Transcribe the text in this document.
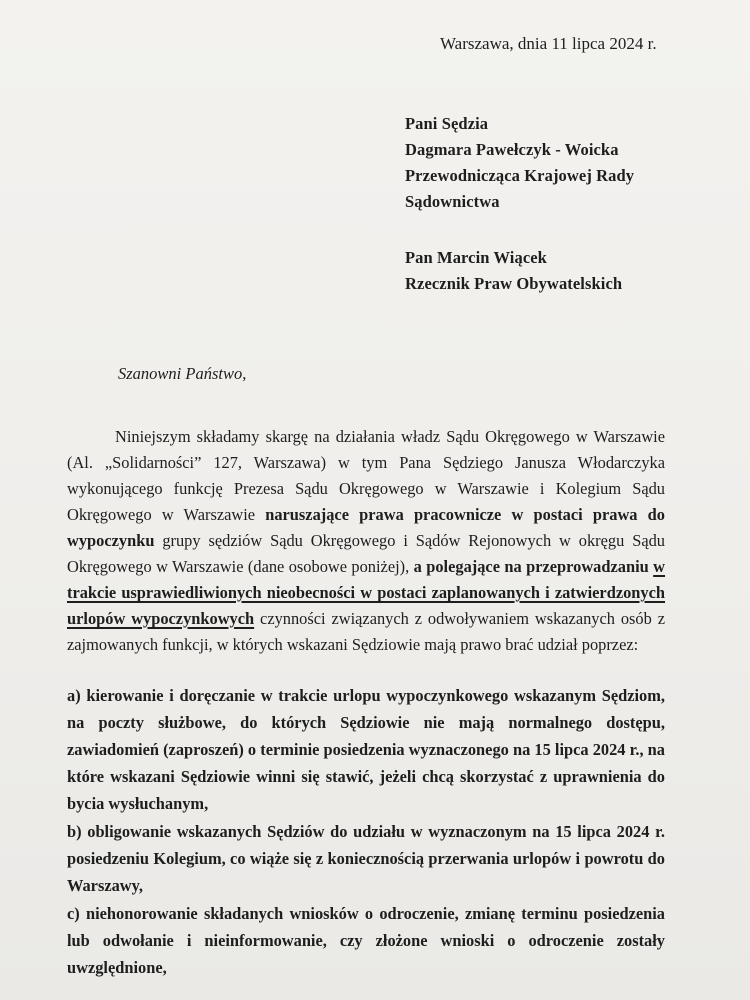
Warszawa, dnia 11 lipca 2024 r.
Pani Sędzia
Dagmara Pawełczyk - Woicka
Przewodnicząca Krajowej Rady
Sądownictwa
Pan Marcin Wiącek
Rzecznik Praw Obywatelskich
Szanowni Państwo,
Niniejszym składamy skargę na działania władz Sądu Okręgowego w Warszawie (Al. „Solidarności” 127, Warszawa) w tym Pana Sędziego Janusza Włodarczyka wykonującego funkcję Prezesa Sądu Okręgowego w Warszawie i Kolegium Sądu Okręgowego w Warszawie naruszające prawa pracownicze w postaci prawa do wypoczynku grupy sędziów Sądu Okręgowego i Sądów Rejonowych w okręgu Sądu Okręgowego w Warszawie (dane osobowe poniżej), a polegające na przeprowadzaniu w trakcie usprawiedliwionych nieobecności w postaci zaplanowanych i zatwierdzonych urlopów wypoczynkowych czynności związanych z odwoływaniem wskazanych osób z zajmowanych funkcji, w których wskazani Sędziowie mają prawo brać udział poprzez:
a) kierowanie i doręczanie w trakcie urlopu wypoczynkowego wskazanym Sędziom, na poczty służbowe, do których Sędziowie nie mają normalnego dostępu, zawiadomień (zaproszeń) o terminie posiedzenia wyznaczonego na 15 lipca 2024 r., na które wskazani Sędziowie winni się stawić, jeżeli chcą skorzystać z uprawnienia do bycia wysłuchanym,
b) obligowanie wskazanych Sędziów do udziału w wyznaczonym na 15 lipca 2024 r. posiedzeniu Kolegium, co wiąże się z koniecznością przerwania urlopów i powrotu do Warszawy,
c) niehonorowanie składanych wniosków o odroczenie, zmianę terminu posiedzenia lub odwołanie i nieinformowanie, czy złożone wnioski o odroczenie zostały uwzględnione,
